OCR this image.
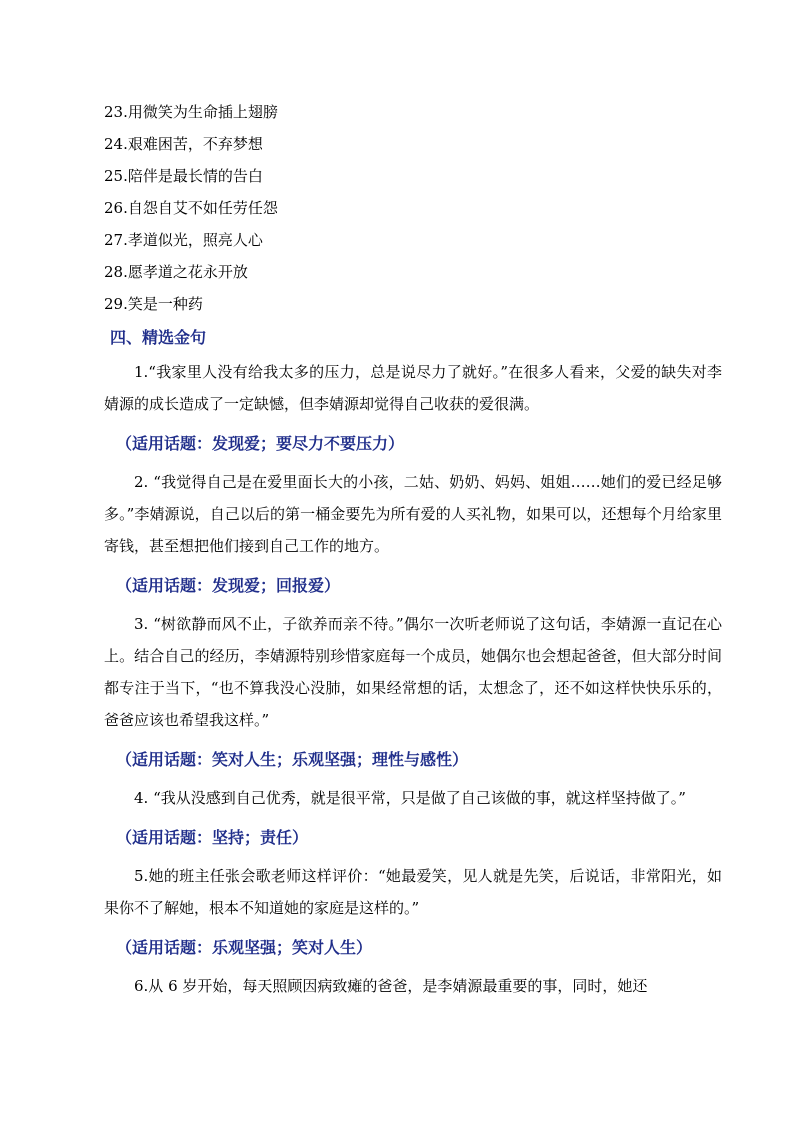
23.用微笑为生命插上翅膀
24.艰难困苦，不弃梦想
25.陪伴是最长情的告白
26.自怨自艾不如任劳任怨
27.孝道似光，照亮人心
28.愿孝道之花永开放
29.笑是一种药
四、精选金句
1.“我家里人没有给我太多的压力，总是说尽力了就好。”在很多人看来，父爱的缺失对李婧源的成长造成了一定缺憾，但李婧源却觉得自己收获的爱很满。
（适用话题：发现爱；要尽力不要压力）
2. “我觉得自己是在爱里面长大的小孩，二姑、奶奶、妈妈、姐姐……她们的爱已经足够多。”李婧源说，自己以后的第一桶金要先为所有爱的人买礼物，如果可以，还想每个月给家里寄钱，甚至想把他们接到自己工作的地方。
（适用话题：发现爱；回报爱）
3. “树欲静而风不止，子欲养而亲不待。”偶尔一次听老师说了这句话，李婧源一直记在心上。结合自己的经历，李婧源特别珍惜家庭每一个成员，她偶尔也会想起爸爸，但大部分时间都专注于当下，“也不算我没心没肺，如果经常想的话，太想念了，还不如这样快快乐乐的，爸爸应该也希望我这样。”
（适用话题：笑对人生；乐观坚强；理性与感性）
4. “我从没感到自己优秀，就是很平常，只是做了自己该做的事，就这样坚持做了。”
（适用话题：坚持；责任）
5.她的班主任张会歌老师这样评价：“她最爱笑，见人就是先笑，后说话，非常阳光，如果你不了解她，根本不知道她的家庭是这样的。”
（适用话题：乐观坚强；笑对人生）
6.从 6 岁开始，每天照顾因病致瘫的爸爸，是李婧源最重要的事，同时，她还
